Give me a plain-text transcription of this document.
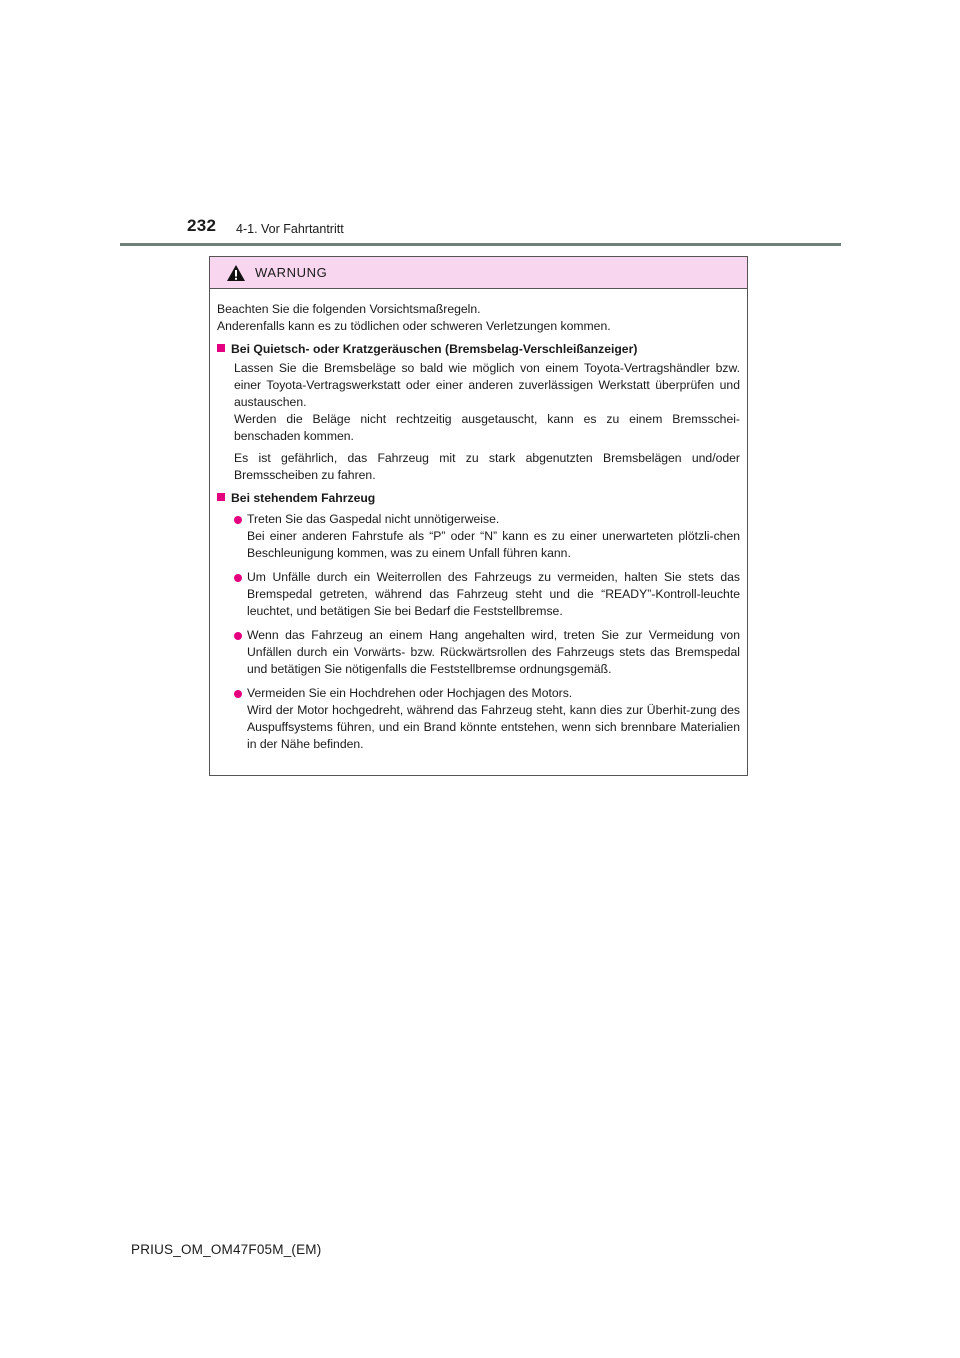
232 4-1. Vor Fahrtantritt
WARNUNG

Beachten Sie die folgenden Vorsichtsmaßregeln.

Anderenfalls kann es zu tödlichen oder schweren Verletzungen kommen.

Bei Quietsch- oder Kratzgeräuschen (Bremsbelag-Verschleißanzeiger)

Lassen Sie die Bremsbeläge so bald wie möglich von einem Toyota-Vertragshändler bzw. einer Toyota-Vertragswerkstatt oder einer anderen zuverlässigen Werkstatt überprüfen und austauschen.
Werden die Beläge nicht rechtzeitig ausgetauscht, kann es zu einem Bremsschei-benschaden kommen.

Es ist gefährlich, das Fahrzeug mit zu stark abgenutzten Bremsbelägen und/oder Bremsscheiben zu fahren.

Bei stehendem Fahrzeug
Treten Sie das Gaspedal nicht unnötigerweise.
Bei einer anderen Fahrstufe als “P” oder “N” kann es zu einer unerwarteten plötzli-chen Beschleunigung kommen, was zu einem Unfall führen kann.
Um Unfälle durch ein Weiterrollen des Fahrzeugs zu vermeiden, halten Sie stets das Bremspedal getreten, während das Fahrzeug steht und die “READY”-Kontroll-leuchte leuchtet, und betätigen Sie bei Bedarf die Feststellbremse.
Wenn das Fahrzeug an einem Hang angehalten wird, treten Sie zur Vermeidung von Unfällen durch ein Vorwärts- bzw. Rückwärtsrollen des Fahrzeugs stets das Bremspedal und betätigen Sie nötigenfalls die Feststellbremse ordnungsgemäß.
Vermeiden Sie ein Hochdrehen oder Hochjagen des Motors.
Wird der Motor hochgedreht, während das Fahrzeug steht, kann dies zur Überhit-zung des Auspuffsystems führen, und ein Brand könnte entstehen, wenn sich brennbare Materialien in der Nähe befinden.
PRIUS_OM_OM47F05M_(EM)
